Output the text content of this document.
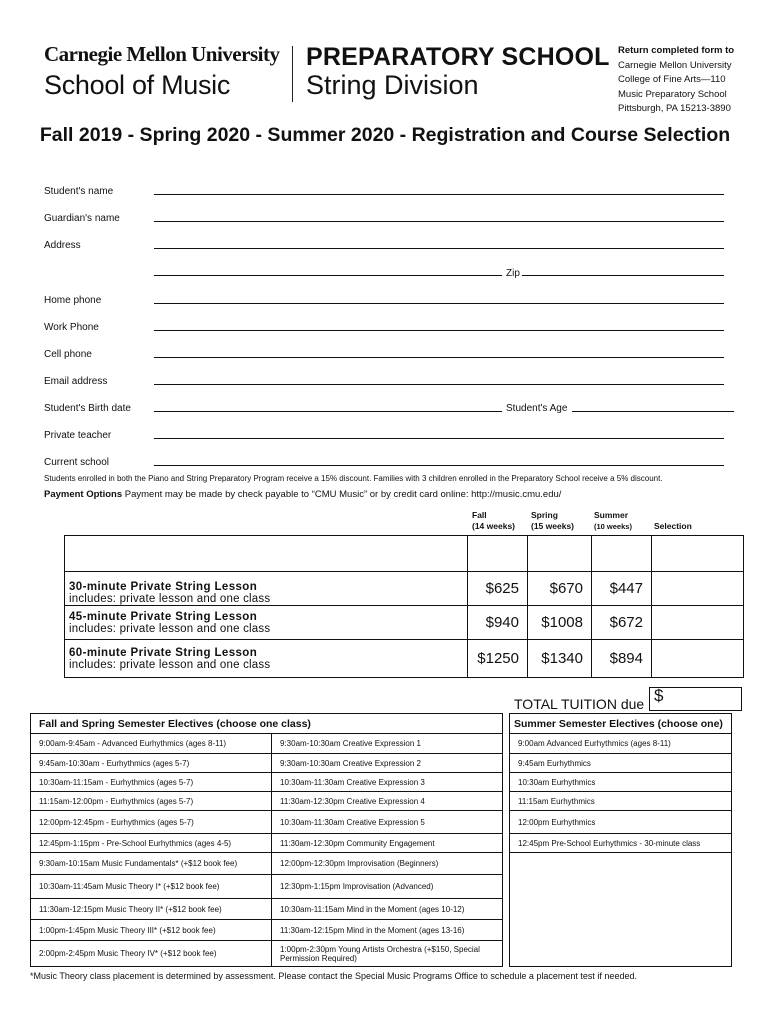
Carnegie Mellon University
School of Music
PREPARATORY SCHOOL
String Division
Return completed form to
Carnegie Mellon University
College of Fine Arts—110
Music Preparatory School
Pittsburgh, PA 15213-3890
Fall 2019 - Spring 2020 - Summer 2020 - Registration and Course Selection
Student's name
Guardian's name
Address
Zip
Home phone
Work Phone
Cell phone
Email address
Student's Birth date	Student's Age
Private teacher
Current school
Students enrolled in both the Piano and String Preparatory Program receive a 15% discount. Families with 3 children enrolled in the Preparatory School receive a 5% discount.
Payment Options Payment may be made by check payable to “CMU Music” or by credit card online: http://music.cmu.edu/
Fall
(14 weeks)
Spring
(15 weeks)
Summer
(10 weeks)	Selection

30-minute Private String Lesson
includes: private lesson and one class	$625	$670	$447	

45-minute Private String Lesson
includes: private lesson and one class	$940	$1008	$672	

60-minute Private String Lesson
includes: private lesson and one class	$1250	$1340	$894	
TOTAL TUITION due $
Fall and Spring Semester Electives (choose one class)			Summer Semester Electives (choose one)
9:00am-9:45am - Advanced Eurhythmics (ages 8-11)	9:30am-10:30am Creative Expression 1		9:00am Advanced Eurhythmics (ages 8-11)
9:45am-10:30am - Eurhythmics (ages 5-7)	9:30am-10:30am Creative Expression 2		9:45am Eurhythmics
10:30am-11:15am - Eurhythmics (ages 5-7)	10:30am-11:30am Creative Expression 3		10:30am Eurhythmics
11:15am-12:00pm - Eurhythmics (ages 5-7)	11:30am-12:30pm Creative Expression 4		11:15am Eurhythmics
12:00pm-12:45pm - Eurhythmics (ages 5-7)	10:30am-11:30am Creative Expression 5		12:00pm Eurhythmics
12:45pm-1:15pm - Pre-School Eurhythmics (ages 4-5)	11:30am-12:30pm Community Engagement		12:45pm Pre-School Eurhythmics - 30-minute class
9:30am-10:15am Music Fundamentals* (+$12 book fee)	12:00pm-12:30pm Improvisation (Beginners)		
10:30am-11:45am Music Theory I* (+$12 book fee)	12:30pm-1:15pm Improvisation (Advanced)		
11:30am-12:15pm Music Theory II* (+$12 book fee)	10:30am-11:15am Mind in the Moment (ages 10-12)		
1:00pm-1:45pm Music Theory III* (+$12 book fee)	11:30am-12:15pm Mind in the Moment (ages 13-16)		
2:00pm-2:45pm Music Theory IV* (+$12 book fee)	1:00pm-2:30pm Young Artists Orchestra (+$150, Special Permission Required)		
*Music Theory class placement is determined by assessment. Please contact the Special Music Programs Office to schedule a placement test if needed.
